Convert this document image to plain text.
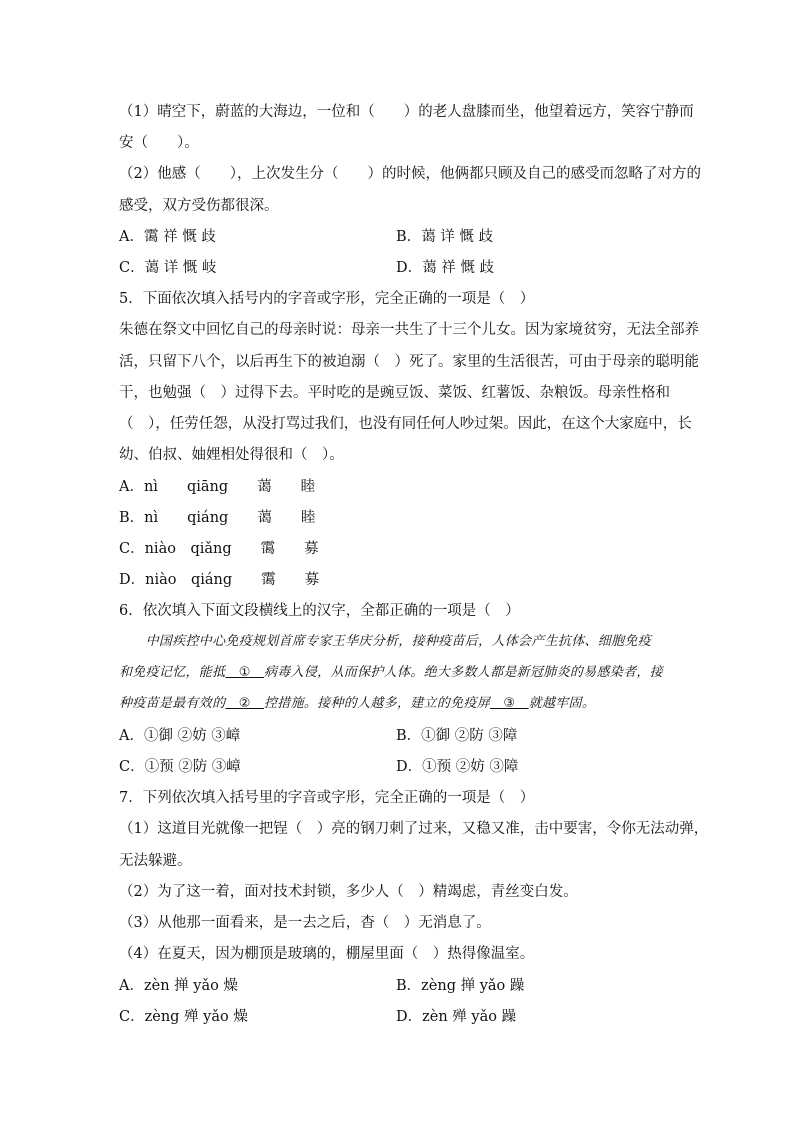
（1）晴空下，蔚蓝的大海边，一位和（　　）的老人盘膝而坐，他望着远方，笑容宁静而
安（　　）。
（2）他感（　　），上次发生分（　　）的时候，他俩都只顾及自己的感受而忽略了对方的
感受，双方受伤都很深。
A．霭 祥 慨 歧	B．蔼 详 慨 歧
C．蔼 详 慨 岐	D．蔼 祥 慨 歧
5．下面依次填入括号内的字音或字形，完全正确的一项是（　）
朱德在祭文中回忆自己的母亲时说：母亲一共生了十三个儿女。因为家境贫穷，无法全部养
活，只留下八个，以后再生下的被迫溺（　）死了。家里的生活很苦，可由于母亲的聪明能
干，也勉强（　）过得下去。平时吃的是豌豆饭、菜饭、红薯饭、杂粮饭。母亲性格和
（　），任劳任怨，从没打骂过我们，也没有同任何人吵过架。因此，在这个大家庭中，长
幼、伯叔、妯娌相处得很和（　）。
A．nì　　qiāng　　蔼　　睦
B．nì　　qiáng　　蔼　　睦
C．niào　qiǎng　　霭　　募
D．niào　qiáng　　霭　　募
6．依次填入下面文段横线上的汉字，全都正确的一项是（　）
　　中国疾控中心免疫规划首席专家王华庆分析，接种疫苗后，人体会产生抗体、细胞免疫
和免疫记忆，能抵　①　病毒入侵，从而保护人体。绝大多数人都是新冠肺炎的易感染者，接
种疫苗是最有效的　②　控措施。接种的人越多，建立的免疫屏　③　就越牢固。
A．①御 ②妨 ③嶂	B．①御 ②防 ③障
C．①预 ②防 ③嶂	D．①预 ②妨 ③障
7．下列依次填入括号里的字音或字形，完全正确的一项是（　）
（1）这道目光就像一把锃（　）亮的钢刀刺了过来，又稳又准，击中要害，令你无法动弹，
无法躲避。
（2）为了这一着，面对技术封锁，多少人（　）精竭虑，青丝变白发。
（3）从他那一面看来，是一去之后，杳（　）无消息了。
（4）在夏天，因为棚顶是玻璃的，棚屋里面（　）热得像温室。
A．zèn 掸 yǎo 燥	B．zèng 掸 yǎo 躁
C．zèng 殚 yǎo 燥	D．zèn 殚 yǎo 躁
